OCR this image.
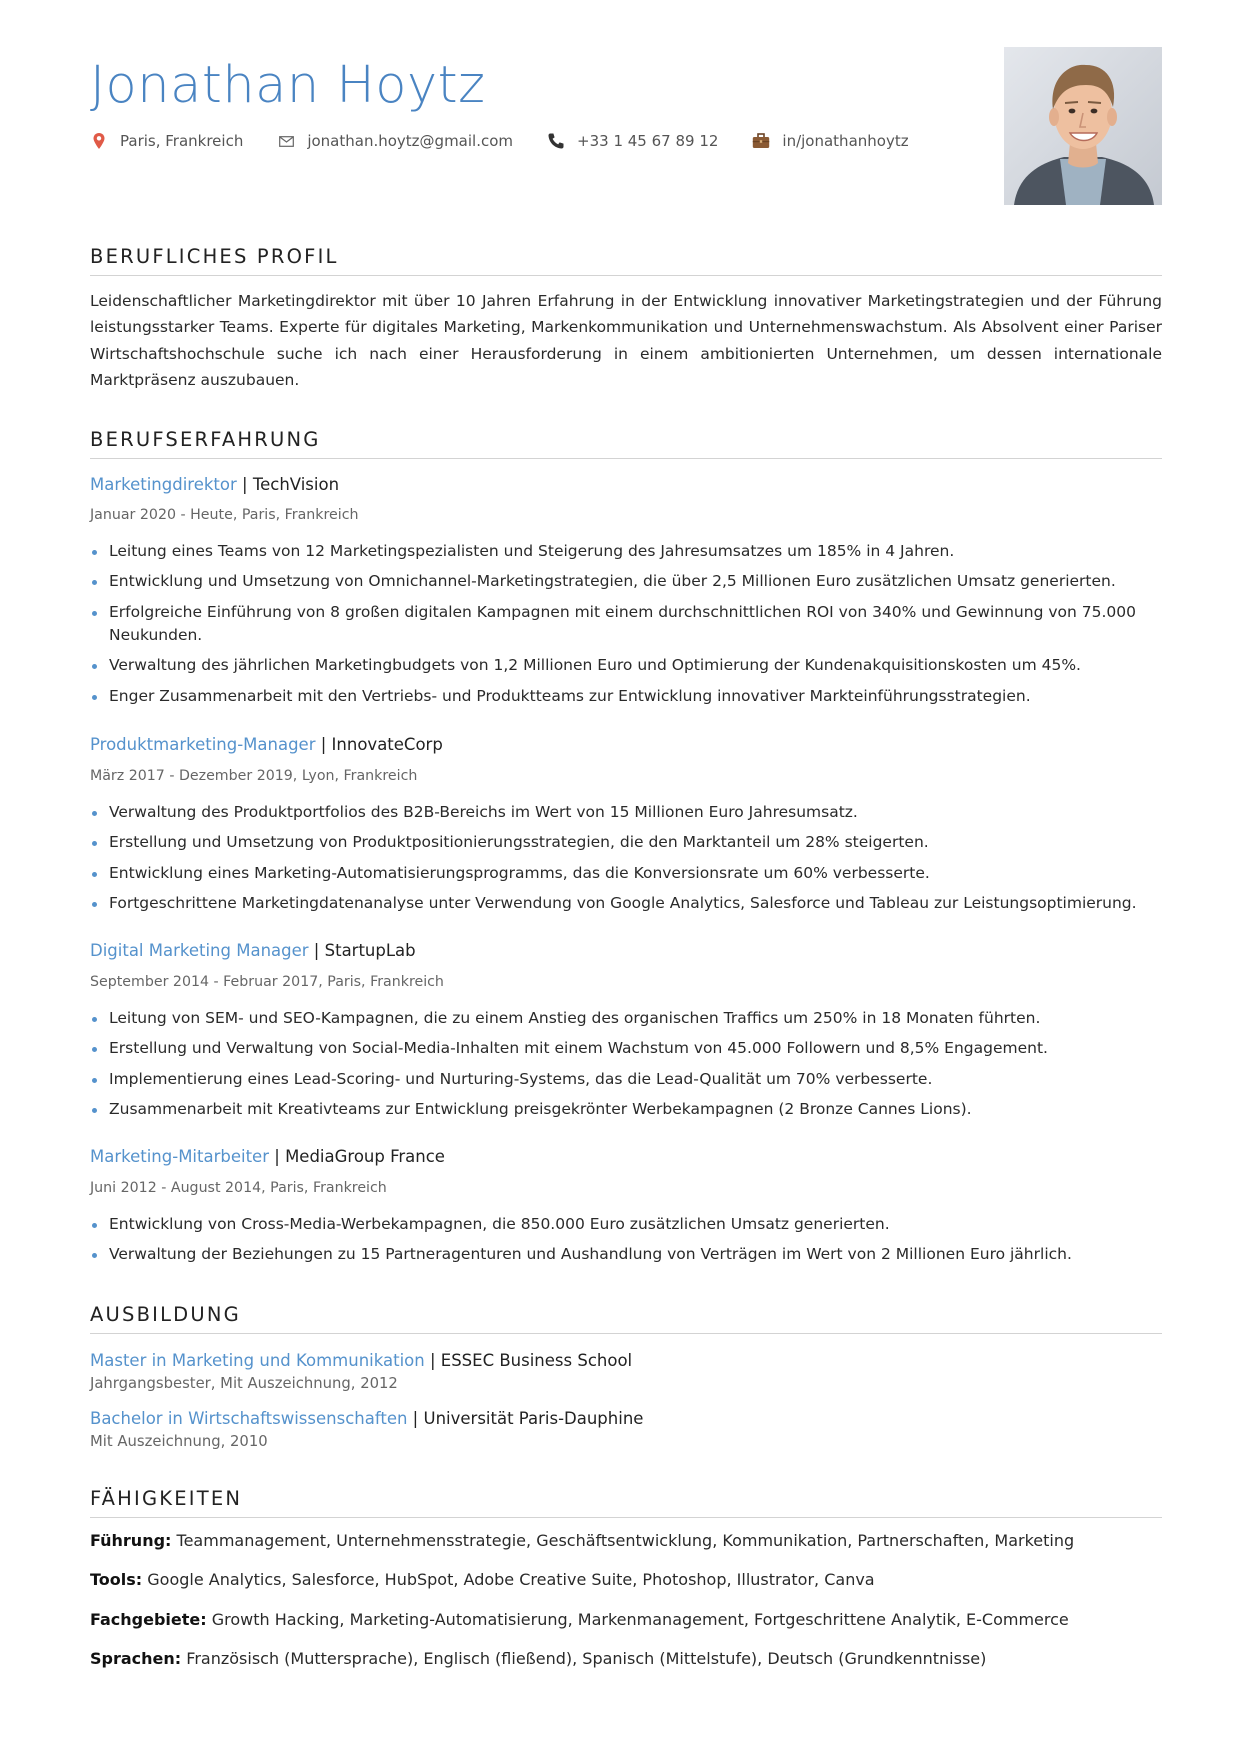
Jonathan Hoytz
Paris, Frankreich	jonathan.hoytz@gmail.com	+33 1 45 67 89 12	in/jonathanhoytz
BERUFLICHES PROFIL

Leidenschaftlicher Marketingdirektor mit über 10 Jahren Erfahrung in der Entwicklung innovativer Marketingstrategien und der Führung leistungsstarker Teams. Experte für digitales Marketing, Markenkommunikation und Unternehmenswachstum. Als Absolvent einer Pariser Wirtschaftshochschule suche ich nach einer Herausforderung in einem ambitionierten Unternehmen, um dessen internationale Marktpräsenz auszubauen.

BERUFSERFAHRUNG

Marketingdirektor | TechVision

Januar 2020 - Heute, Paris, Frankreich

Leitung eines Teams von 12 Marketingspezialisten und Steigerung des Jahresumsatzes um 185% in 4 Jahren.
Entwicklung und Umsetzung von Omnichannel-Marketingstrategien, die über 2,5 Millionen Euro zusätzlichen Umsatz generierten.
Erfolgreiche Einführung von 8 großen digitalen Kampagnen mit einem durchschnittlichen ROI von 340% und Gewinnung von 75.000 Neukunden.
Verwaltung des jährlichen Marketingbudgets von 1,2 Millionen Euro und Optimierung der Kundenakquisitionskosten um 45%.
Enger Zusammenarbeit mit den Vertriebs- und Produktteams zur Entwicklung innovativer Markteinführungsstrategien.

Produktmarketing-Manager | InnovateCorp

März 2017 - Dezember 2019, Lyon, Frankreich

Verwaltung des Produktportfolios des B2B-Bereichs im Wert von 15 Millionen Euro Jahresumsatz.
Erstellung und Umsetzung von Produktpositionierungsstrategien, die den Marktanteil um 28% steigerten.
Entwicklung eines Marketing-Automatisierungsprogramms, das die Konversionsrate um 60% verbesserte.
Fortgeschrittene Marketingdatenanalyse unter Verwendung von Google Analytics, Salesforce und Tableau zur Leistungsoptimierung.

Digital Marketing Manager | StartupLab

September 2014 - Februar 2017, Paris, Frankreich

Leitung von SEM- und SEO-Kampagnen, die zu einem Anstieg des organischen Traffics um 250% in 18 Monaten führten.
Erstellung und Verwaltung von Social-Media-Inhalten mit einem Wachstum von 45.000 Followern und 8,5% Engagement.
Implementierung eines Lead-Scoring- und Nurturing-Systems, das die Lead-Qualität um 70% verbesserte.
Zusammenarbeit mit Kreativteams zur Entwicklung preisgekrönter Werbekampagnen (2 Bronze Cannes Lions).

Marketing-Mitarbeiter | MediaGroup France

Juni 2012 - August 2014, Paris, Frankreich

Entwicklung von Cross-Media-Werbekampagnen, die 850.000 Euro zusätzlichen Umsatz generierten.
Verwaltung der Beziehungen zu 15 Partneragenturen und Aushandlung von Verträgen im Wert von 2 Millionen Euro jährlich.
AUSBILDUNG

Master in Marketing und Kommunikation | ESSEC Business School

Jahrgangsbester, Mit Auszeichnung, 2012

Bachelor in Wirtschaftswissenschaften | Universität Paris-Dauphine

Mit Auszeichnung, 2010

FÄHIGKEITEN

Führung: Teammanagement, Unternehmensstrategie, Geschäftsentwicklung, Kommunikation, Partnerschaften, Marketing

Tools: Google Analytics, Salesforce, HubSpot, Adobe Creative Suite, Photoshop, Illustrator, Canva

Fachgebiete: Growth Hacking, Marketing-Automatisierung, Markenmanagement, Fortgeschrittene Analytik, E-Commerce

Sprachen: Französisch (Muttersprache), Englisch (fließend), Spanisch (Mittelstufe), Deutsch (Grundkenntnisse)
